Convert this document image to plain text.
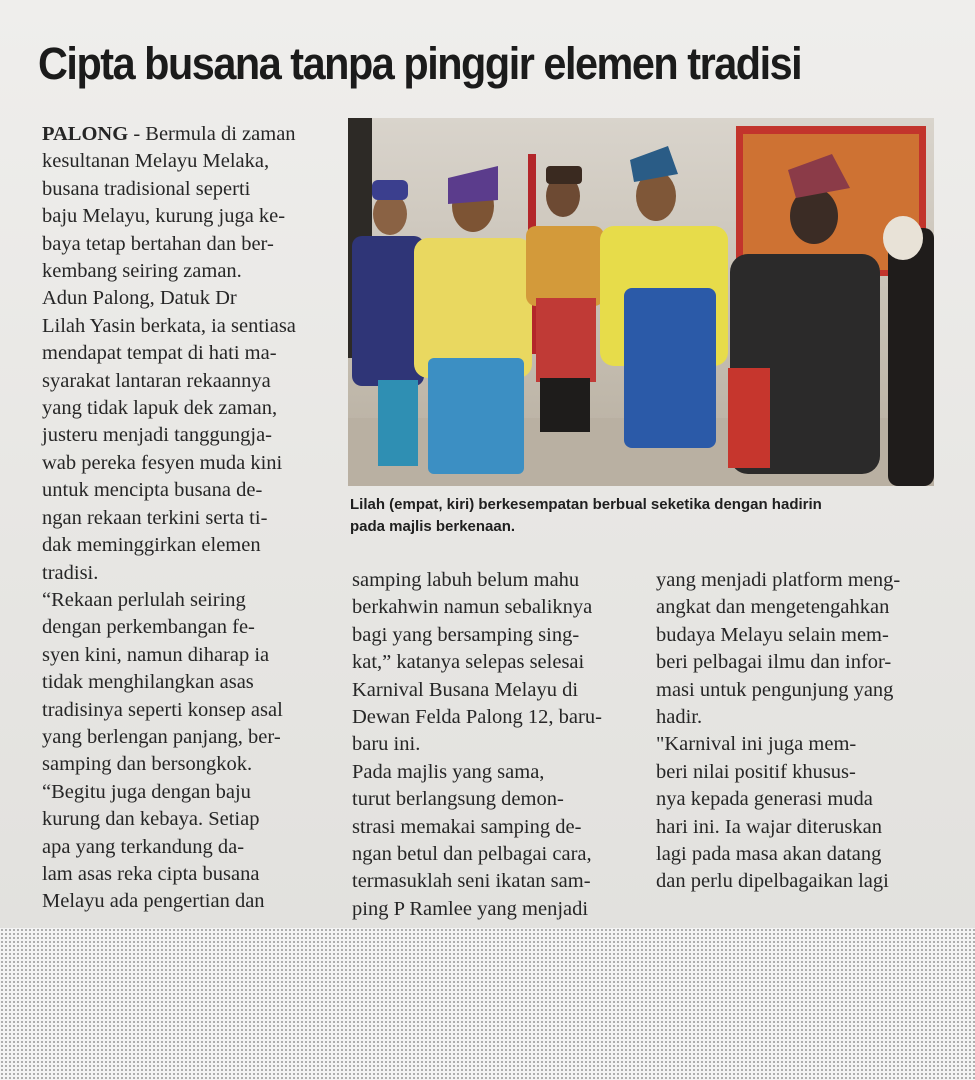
Cipta busana tanpa pinggir elemen tradisi

PALONG - Bermula di zaman

kesultanan Melayu Melaka,

busana tradisional seperti

baju Melayu, kurung juga ke-

baya tetap bertahan dan ber-

kembang seiring zaman.

Adun Palong, Datuk Dr

Lilah Yasin berkata, ia sentiasa

mendapat tempat di hati ma-

syarakat lantaran rekaannya

yang tidak lapuk dek zaman,

justeru menjadi tanggungja-

wab pereka fesyen muda kini

untuk mencipta busana de-

ngan rekaan terkini serta ti-

dak meminggirkan elemen

tradisi.

“Rekaan perlulah seiring

dengan perkembangan fe-

syen kini, namun diharap ia

tidak menghilangkan asas

tradisinya seperti konsep asal

yang berlengan panjang, ber-

samping dan bersongkok.

“Begitu juga dengan baju

kurung dan kebaya. Setiap

apa yang terkandung da-

lam asas reka cipta busana

Melayu ada pengertian dan

Lilah (empat, kiri) berkesempatan berbual seketika dengan hadirin

pada majlis berkenaan.

samping labuh belum mahu

berkahwin namun sebaliknya

bagi yang bersamping sing-

kat,” katanya selepas selesai

Karnival Busana Melayu di

Dewan Felda Palong 12, baru-

baru ini.

Pada majlis yang sama,

turut berlangsung demon-

strasi memakai samping de-

ngan betul dan pelbagai cara,

termasuklah seni ikatan sam-

ping P Ramlee yang menjadi

yang menjadi platform meng-

angkat dan mengetengahkan

budaya Melayu selain mem-

beri pelbagai ilmu dan infor-

masi untuk pengunjung yang

hadir.

"Karnival ini juga mem-

beri nilai positif khusus-

nya kepada generasi muda

hari ini. Ia wajar diteruskan

lagi pada masa akan datang

dan perlu dipelbagaikan lagi
